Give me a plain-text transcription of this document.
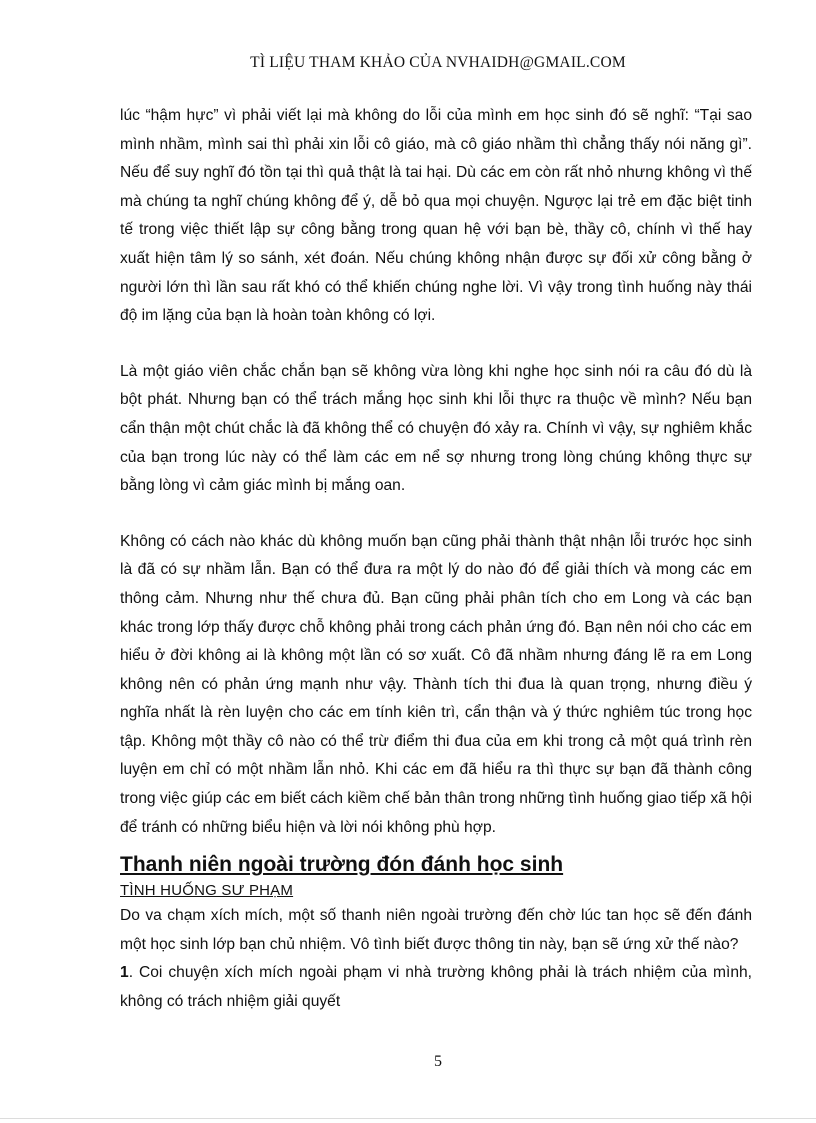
TÌ LIỆU THAM KHẢO CỦA NVHAIDH@GMAIL.COM

lúc “hậm hực” vì phải viết lại mà không do lỗi của mình em học sinh đó sẽ nghĩ: “Tại sao mình nhầm, mình sai thì phải xin lỗi cô giáo, mà cô giáo nhầm thì chẳng thấy nói năng gì”. Nếu để suy nghĩ đó tồn tại thì quả thật là tai hại. Dù các em còn rất nhỏ nhưng không vì thế mà chúng ta nghĩ chúng không để ý, dễ bỏ qua mọi chuyện. Ngược lại trẻ em đặc biệt tinh tế trong việc thiết lập sự công bằng trong quan hệ với bạn bè, thầy cô, chính vì thế hay xuất hiện tâm lý so sánh, xét đoán. Nếu chúng không nhận được sự đối xử công bằng ở người lớn thì lần sau rất khó có thể khiến chúng nghe lời. Vì vậy trong tình huống này thái độ im lặng của bạn là hoàn toàn không có lợi.

Là một giáo viên chắc chắn bạn sẽ không vừa lòng khi nghe học sinh nói ra câu đó dù là bột phát. Nhưng bạn có thể trách mắng học sinh khi lỗi thực ra thuộc về mình? Nếu bạn cẩn thận một chút chắc là đã không thể có chuyện đó xảy ra. Chính vì vậy, sự nghiêm khắc của bạn trong lúc này có thể làm các em nể sợ nhưng trong lòng chúng không thực sự bằng lòng vì cảm giác mình bị mắng oan.

Không có cách nào khác dù không muốn bạn cũng phải thành thật nhận lỗi trước học sinh là đã có sự nhầm lẫn. Bạn có thể đưa ra một lý do nào đó để giải thích và mong các em thông cảm. Nhưng như thế chưa đủ. Bạn cũng phải phân tích cho em Long và các bạn khác trong lớp thấy được chỗ không phải trong cách phản ứng đó. Bạn nên nói cho các em hiểu ở đời không ai là không một lần có sơ xuất. Cô đã nhầm nhưng đáng lẽ ra em Long không nên có phản ứng mạnh như vậy. Thành tích thi đua là quan trọng, nhưng điều ý nghĩa nhất là rèn luyện cho các em tính kiên trì, cẩn thận và ý thức nghiêm túc trong học tập. Không một thầy cô nào có thể trừ điểm thi đua của em khi trong cả một quá trình rèn luyện em chỉ có một nhầm lẫn nhỏ. Khi các em đã hiểu ra thì thực sự bạn đã thành công trong việc giúp các em biết cách kiềm chế bản thân trong những tình huống giao tiếp xã hội để tránh có những biểu hiện và lời nói không phù hợp.

Thanh niên ngoài trường đón đánh học sinh
TÌNH HUỐNG SƯ PHẠM

Do va chạm xích mích, một số thanh niên ngoài trường đến chờ lúc tan học sẽ đến đánh một học sinh lớp bạn chủ nhiệm. Vô tình biết được thông tin này, bạn sẽ ứng xử thế nào?

1. Coi chuyện xích mích ngoài phạm vi nhà trường không phải là trách nhiệm của mình, không có trách nhiệm giải quyết

5
